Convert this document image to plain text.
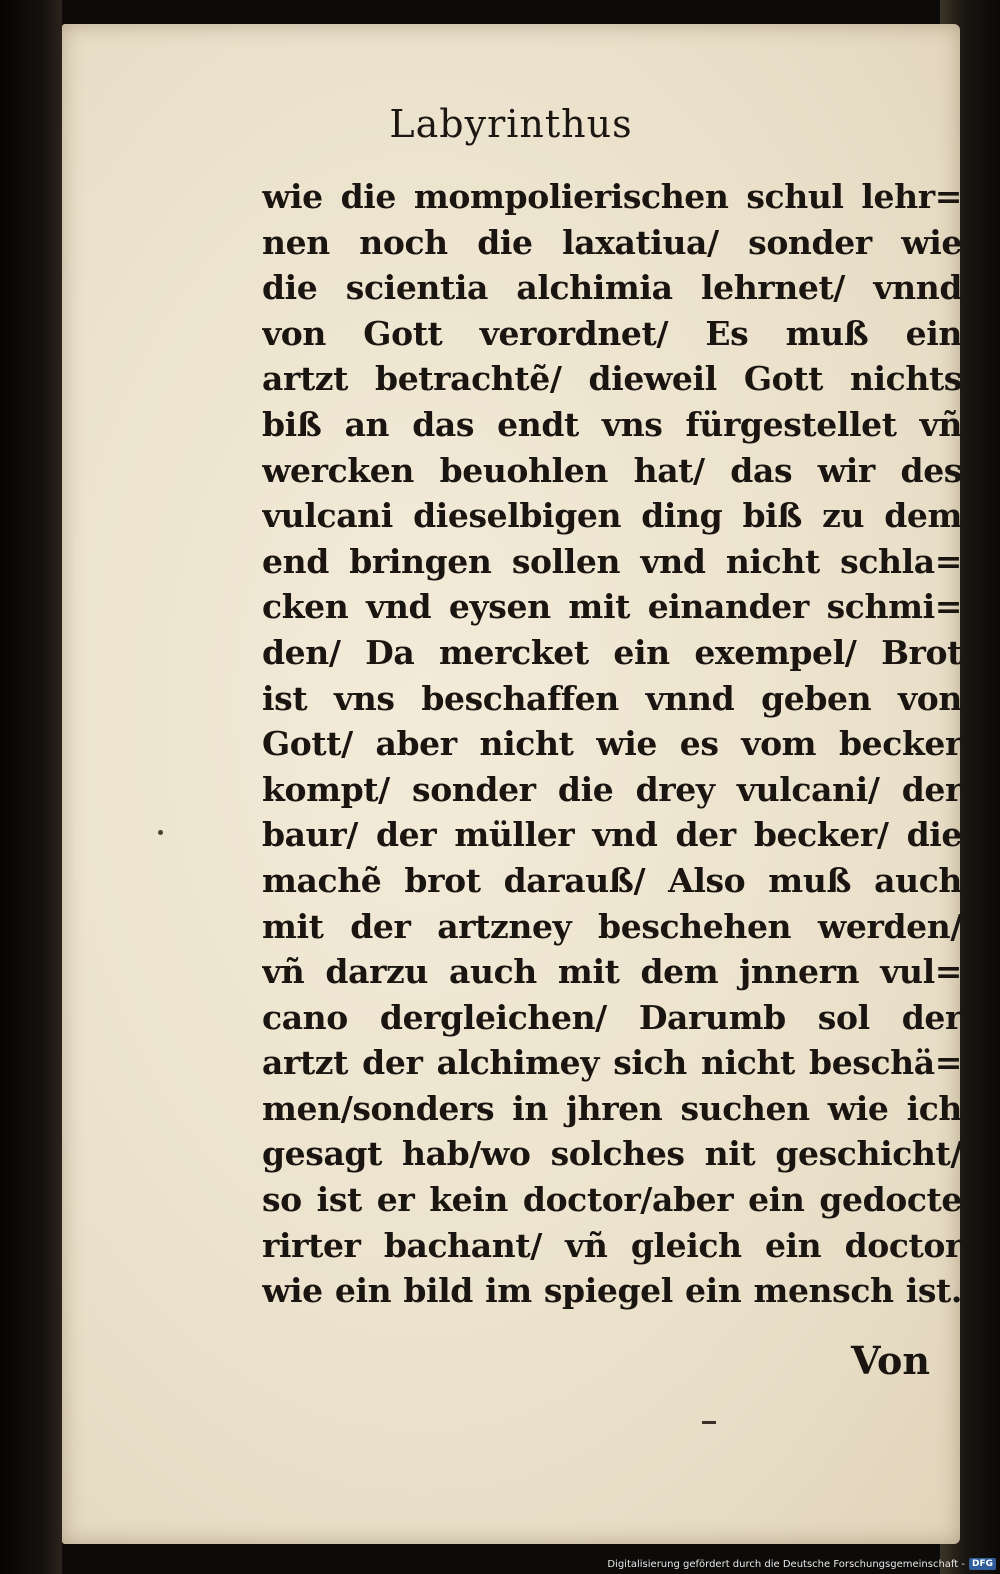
Labyrinthus
wie die mompolierischen schul lehr=
nen noch die laxatiua/ sonder wie
die scientia alchimia lehrnet/ vnnd
von Gott verordnet/ Es muß ein
artzt betrachtẽ/ dieweil Gott nichts
biß an das endt vns fürgestellet vñ
wercken beuohlen hat/ das wir des
vulcani dieselbigen ding biß zu dem
end bringen sollen vnd nicht schla=
cken vnd eysen mit einander schmi=
den/ Da mercket ein exempel/ Brot
ist vns beschaffen vnnd geben von
Gott/ aber nicht wie es vom becker
kompt/ sonder die drey vulcani/ der
baur/ der müller vnd der becker/ die
machẽ brot darauß/ Also muß auch
mit der artzney beschehen werden/
vñ darzu auch mit dem jnnern vul=
cano dergleichen/ Darumb sol der
artzt der alchimey sich nicht beschä=
men/sonders in jhren suchen wie ich
gesagt hab/wo solches nit geschicht/
so ist er kein doctor/aber ein gedocte
rirter bachant/ vñ gleich ein doctor
wie ein bild im spiegel ein mensch ist.
Von
Digitalisierung gefördert durch die Deutsche Forschungsgemeinschaft - DFG
